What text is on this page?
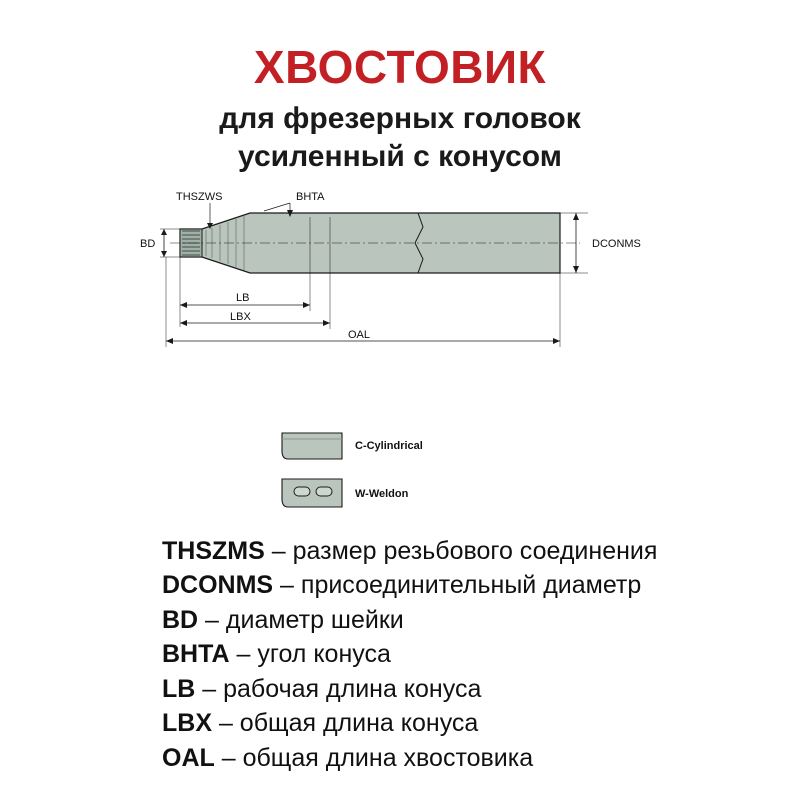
ХВОСТОВИК
для фрезерных головок
усиленный с конусом
THSZWS	BHTA
BD	DCONMS
LB
LBX
OAL
C-Cylindrical
W-Weldon
THSZMS – размер резьбового соединения
DCONMS – присоединительный диаметр
BD – диаметр шейки
BHTA – угол конуса
LB – рабочая длина конуса
LBX – общая длина конуса
OAL – общая длина хвостовика
